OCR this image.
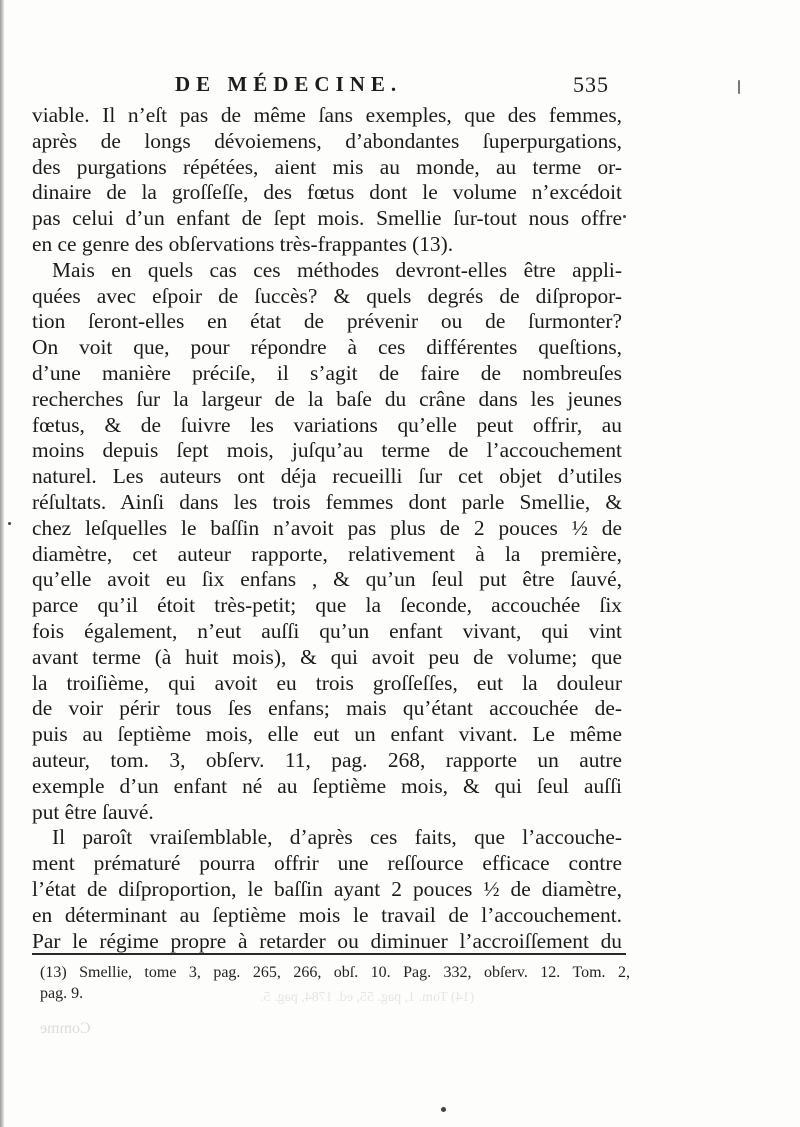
DE MÉDECINE.	535
viable. Il n’eſt pas de même ſans exemples, que des femmes,
après de longs dévoiemens, d’abondantes ſuperpurgations,
des purgations répétées, aient mis au monde, au terme or-
dinaire de la groſſeſſe, des fœtus dont le volume n’excédoit
pas celui d’un enfant de ſept mois. Smellie ſur-tout nous offre
en ce genre des obſervations très-frappantes (13).
Mais en quels cas ces méthodes devront-elles être appli-
quées avec eſpoir de ſuccès? & quels degrés de diſpropor-
tion ſeront-elles en état de prévenir ou de ſurmonter?
On voit que, pour répondre à ces différentes queſtions,
d’une manière préciſe, il s’agit de faire de nombreuſes
recherches ſur la largeur de la baſe du crâne dans les jeunes
fœtus, & de ſuivre les variations qu’elle peut offrir, au
moins depuis ſept mois, juſqu’au terme de l’accouchement
naturel. Les auteurs ont déja recueilli ſur cet objet d’utiles
réſultats. Ainſi dans les trois femmes dont parle Smellie, &
chez leſquelles le baſſin n’avoit pas plus de 2 pouces ½ de
diamètre, cet auteur rapporte, relativement à la première,
qu’elle avoit eu ſix enfans , & qu’un ſeul put être ſauvé,
parce qu’il étoit très-petit; que la ſeconde, accouchée ſix
fois également, n’eut auſſi qu’un enfant vivant, qui vint
avant terme (à huit mois), & qui avoit peu de volume; que
la troiſième, qui avoit eu trois groſſeſſes, eut la douleur
de voir périr tous ſes enfans; mais qu’étant accouchée de-
puis au ſeptième mois, elle eut un enfant vivant. Le même
auteur, tom. 3, obſerv. 11, pag. 268, rapporte un autre
exemple d’un enfant né au ſeptième mois, & qui ſeul auſſi
put être ſauvé.
Il paroît vraiſemblable, d’après ces faits, que l’accouche-
ment prématuré pourra offrir une reſſource efficace contre
l’état de diſproportion, le baſſin ayant 2 pouces ½ de diamètre,
en déterminant au ſeptième mois le travail de l’accouchement.
Par le régime propre à retarder ou diminuer l’accroiſſement du
(13) Smellie, tome 3, pag. 265, 266, obſ. 10. Pag. 332, obſerv. 12. Tom. 2,
pag. 9.	(14) Tom. 1, pag. 55, ed. 1784, pag. 5.
Comme
